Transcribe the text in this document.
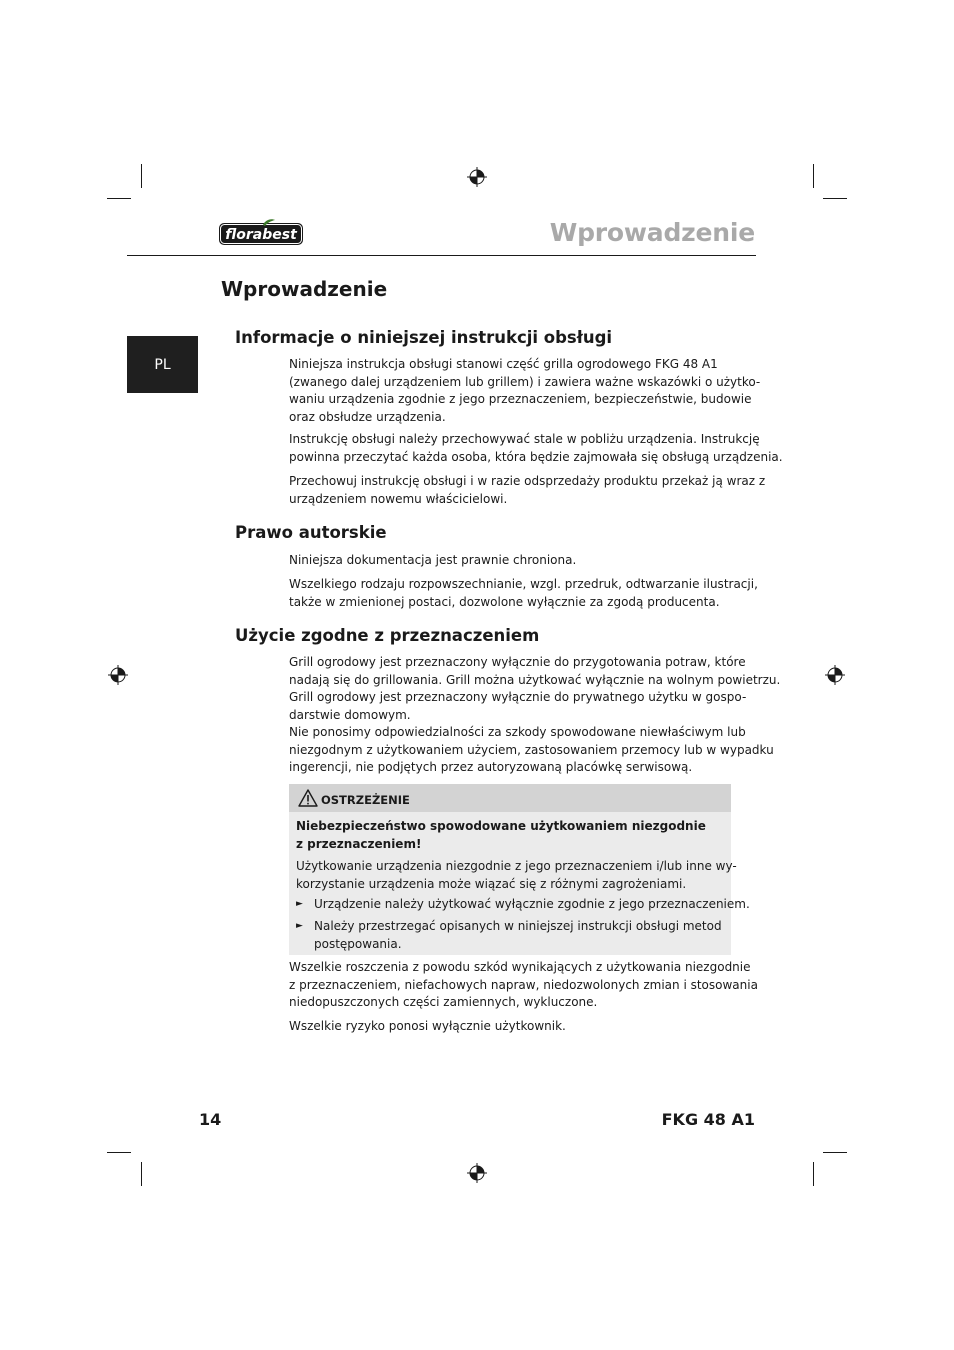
florabest	Wprowadzenie
Wprowadzenie
PL
Informacje o niniejszej instrukcji obsługi
Niniejsza instrukcja obsługi stanowi część grilla ogrodowego FKG 48 A1
(zwanego dalej urządzeniem lub grillem) i zawiera ważne wskazówki o użytko-
waniu urządzenia zgodnie z jego przeznaczeniem, bezpieczeństwie, budowie
oraz obsłudze urządzenia.
Instrukcję obsługi należy przechowywać stale w pobliżu urządzenia. Instrukcję
powinna przeczytać każda osoba, która będzie zajmowała się obsługą urządzenia.
Przechowuj instrukcję obsługi i w razie odsprzedaży produktu przekaż ją wraz z
urządzeniem nowemu właścicielowi.
Prawo autorskie
Niniejsza dokumentacja jest prawnie chroniona.
Wszelkiego rodzaju rozpowszechnianie, wzgl. przedruk, odtwarzanie ilustracji,
także w zmienionej postaci, dozwolone wyłącznie za zgodą producenta.
Użycie zgodne z przeznaczeniem
Grill ogrodowy jest przeznaczony wyłącznie do przygotowania potraw, które
nadają się do grillowania. Grill można użytkować wyłącznie na wolnym powietrzu.
Grill ogrodowy jest przeznaczony wyłącznie do prywatnego użytku w gospo-
darstwie domowym.
Nie ponosimy odpowiedzialności za szkody spowodowane niewłaściwym lub
niezgodnym z użytkowaniem użyciem, zastosowaniem przemocy lub w wypadku
ingerencji, nie podjętych przez autoryzowaną placówkę serwisową.
OSTRZEŻENIE
Niebezpieczeństwo spowodowane użytkowaniem niezgodnie
z przeznaczeniem!
Użytkowanie urządzenia niezgodnie z jego przeznaczeniem i/lub inne wy-
korzystanie urządzenia może wiązać się z różnymi zagrożeniami.
► Urządzenie należy użytkować wyłącznie zgodnie z jego przeznaczeniem.
► Należy przestrzegać opisanych w niniejszej instrukcji obsługi metod
postępowania.
Wszelkie roszczenia z powodu szkód wynikających z użytkowania niezgodnie
z przeznaczeniem, niefachowych napraw, niedozwolonych zmian i stosowania
niedopuszczonych części zamiennych, wykluczone.
Wszelkie ryzyko ponosi wyłącznie użytkownik.
14	FKG 48 A1
